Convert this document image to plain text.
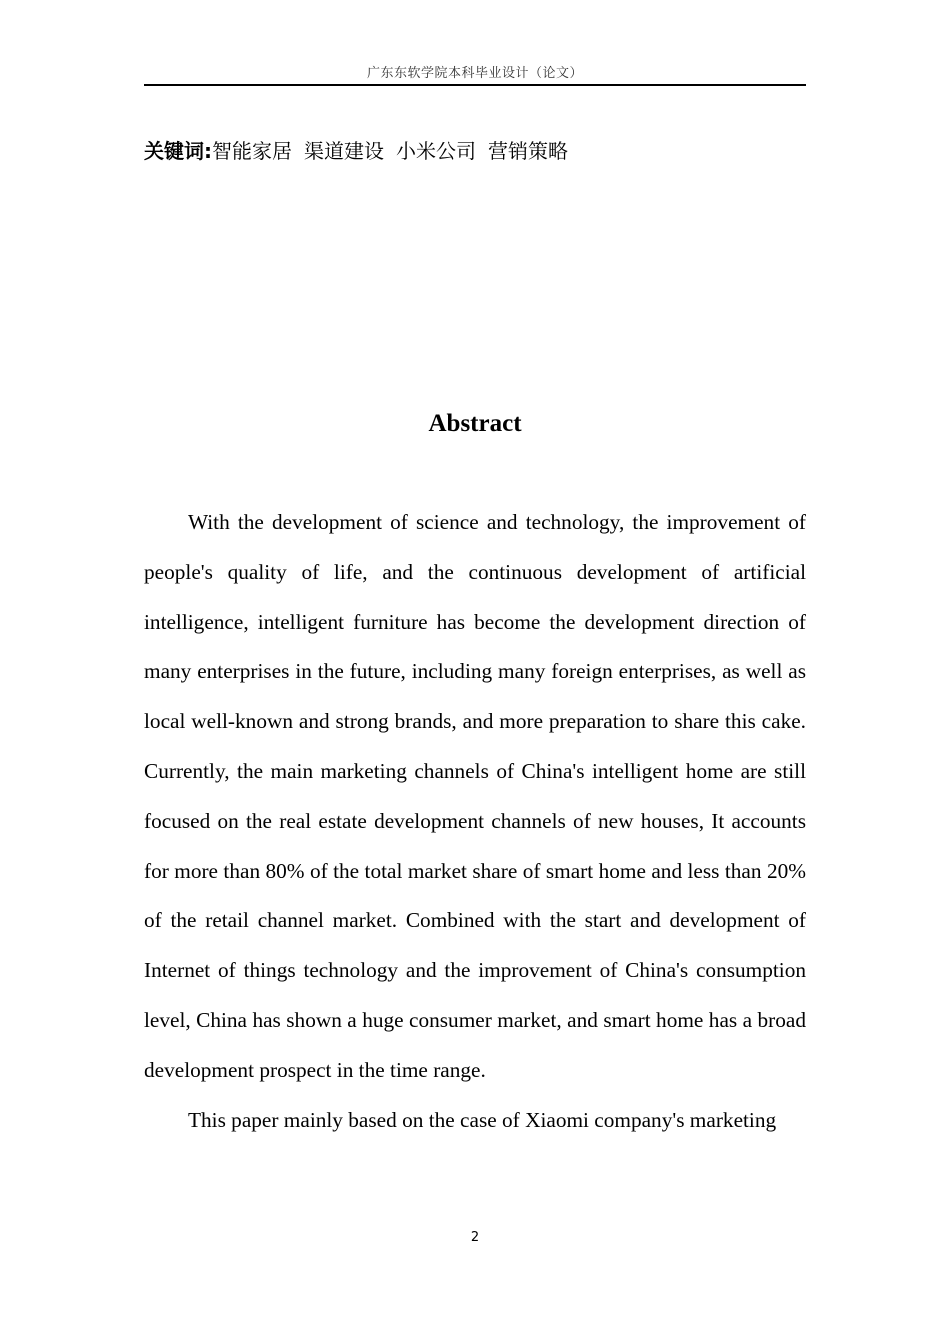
广东东软学院本科毕业设计（论文）
关键词:智能家居 渠道建设 小米公司 营销策略
Abstract

With the development of science and technology, the improvement of people's quality of life, and the continuous development of artificial intelligence, intelligent furniture has become the development direction of many enterprises in the future, including many foreign enterprises, as well as local well-known and strong brands, and more preparation to share this cake. Currently, the main marketing channels of China's intelligent home are still focused on the real estate development channels of new houses, It accounts for more than 80% of the total market share of smart home and less than 20% of the retail channel market. Combined with the start and development of Internet of things technology and the improvement of China's consumption level, China has shown a huge consumer market, and smart home has a broad development prospect in the time range.

This paper mainly based on the case of Xiaomi company's marketing

2
